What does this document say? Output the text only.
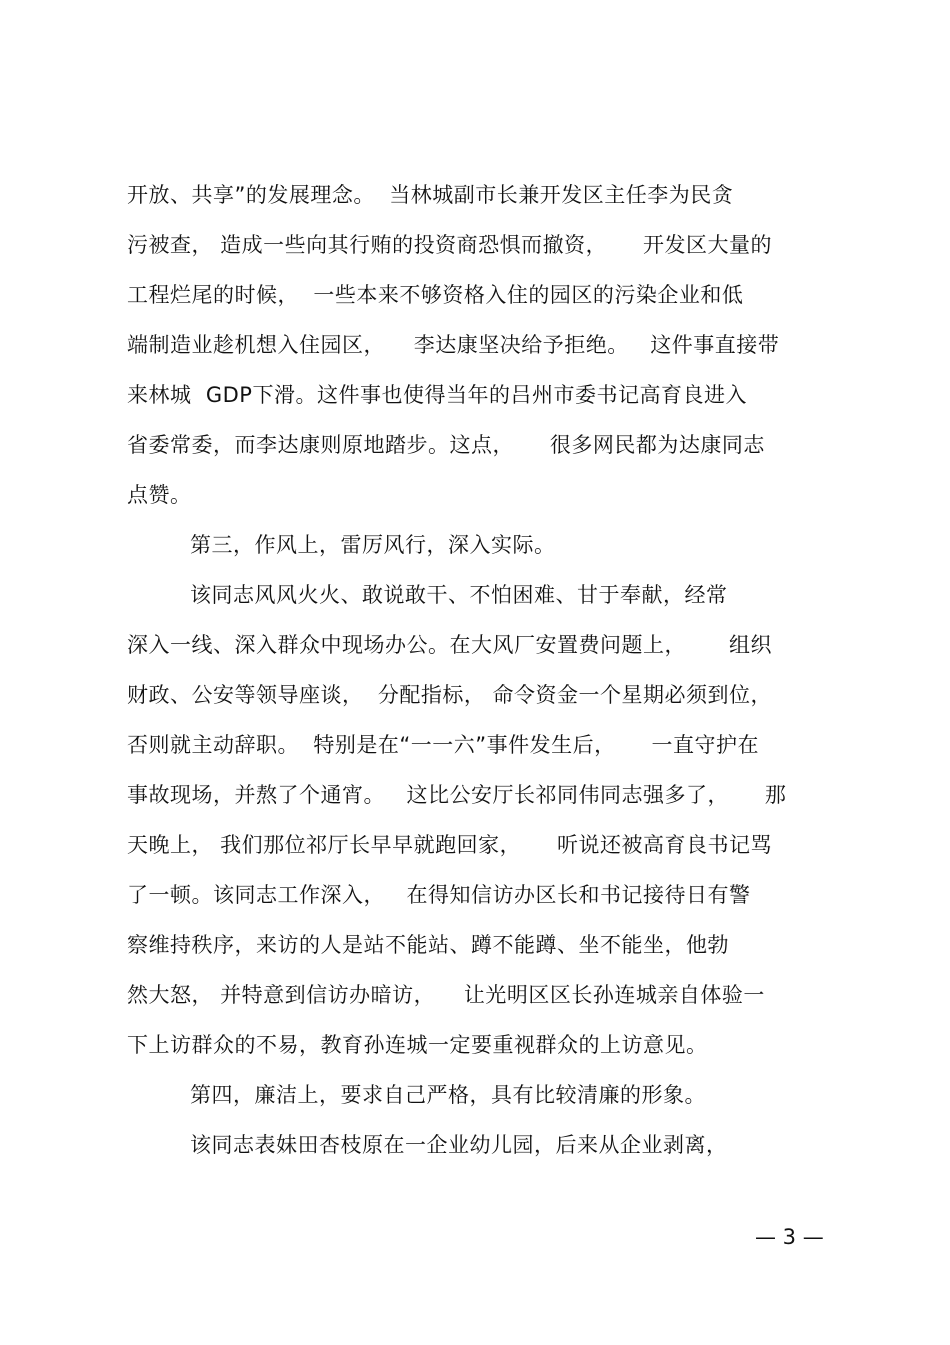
开放、共享”的发展理念。  当林城副市长兼开发区主任李为民贪
污被查， 造成一些向其行贿的投资商恐惧而撤资，     开发区大量的
工程烂尾的时候，  一些本来不够资格入住的园区的污染企业和低
端制造业趁机想入住园区，    李达康坚决给予拒绝。   这件事直接带
来林城  GDP下滑。这件事也使得当年的吕州市委书记高育良进入
省委常委，而李达康则原地踏步。这点，     很多网民都为达康同志
点赞。
第三，作风上，雷厉风行，深入实际。
该同志风风火火、敢说敢干、不怕困难、甘于奉献，经常
深入一线、深入群众中现场办公。在大风厂安置费问题上，      组织
财政、公安等领导座谈，  分配指标， 命令资金一个星期必须到位，
否则就主动辞职。  特别是在“一一六”事件发生后，     一直守护在
事故现场，并熬了个通宵。   这比公安厅长祁同伟同志强多了，     那
天晚上， 我们那位祁厅长早早就跑回家，     听说还被高育良书记骂
了一顿。该同志工作深入，   在得知信访办区长和书记接待日有警
察维持秩序，来访的人是站不能站、蹲不能蹲、坐不能坐，他勃
然大怒， 并特意到信访办暗访，    让光明区区长孙连城亲自体验一
下上访群众的不易，教育孙连城一定要重视群众的上访意见。
第四，廉洁上，要求自己严格，具有比较清廉的形象。
该同志表妹田杏枝原在一企业幼儿园，后来从企业剥离，
— 3 —
